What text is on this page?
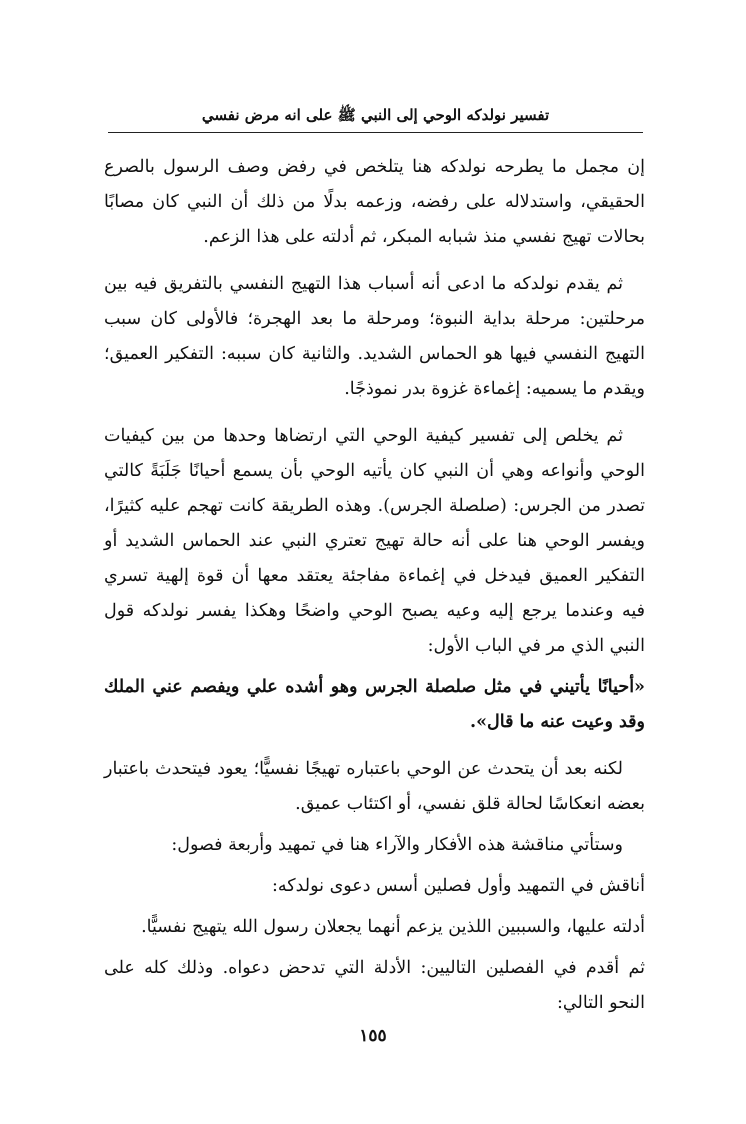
تفسير نولدكه الوحي إلى النبي ﷺ على انه مرض نفسي

إن مجمل ما يطرحه نولدكه هنا يتلخص في رفض وصف الرسول بالصرع الحقيقي، واستدلاله على رفضه، وزعمه بدلًا من ذلك أن النبي كان مصابًا بحالات تهيج نفسي منذ شبابه المبكر، ثم أدلته على هذا الزعم.

ثم يقدم نولدكه ما ادعى أنه أسباب هذا التهيج النفسي بالتفريق فيه بين مرحلتين: مرحلة بداية النبوة؛ ومرحلة ما بعد الهجرة؛ فالأولى كان سبب التهيج النفسي فيها هو الحماس الشديد. والثانية كان سببه: التفكير العميق؛ ويقدم ما يسميه: إغماءة غزوة بدر نموذجًا.

ثم يخلص إلى تفسير كيفية الوحي التي ارتضاها وحدها من بين كيفيات الوحي وأنواعه وهي أن النبي كان يأتيه الوحي بأن يسمع أحيانًا جَلَبَةً كالتي تصدر من الجرس: (صلصلة الجرس). وهذه الطريقة كانت تهجم عليه كثيرًا، ويفسر الوحي هنا على أنه حالة تهيج تعتري النبي عند الحماس الشديد أو التفكير العميق فيدخل في إغماءة مفاجئة يعتقد معها أن قوة إلهية تسري فيه وعندما يرجع إليه وعيه يصبح الوحي واضحًا وهكذا يفسر نولدكه قول النبي الذي مر في الباب الأول:

«أحيانًا يأتيني في مثل صلصلة الجرس وهو أشده علي ويفصم عني الملك وقد وعيت عنه ما قال».

لكنه بعد أن يتحدث عن الوحي باعتباره تهيجًا نفسيًّا؛ يعود فيتحدث باعتبار بعضه انعكاسًا لحالة قلق نفسي، أو اكتئاب عميق.

وستأتي مناقشة هذه الأفكار والآراء هنا في تمهيد وأربعة فصول:

أناقش في التمهيد وأول فصلين أسس دعوى نولدكه:

أدلته عليها، والسببين اللذين يزعم أنهما يجعلان رسول الله يتهيج نفسيًّا.

ثم أقدم في الفصلين التاليين: الأدلة التي تدحض دعواه. وذلك كله على النحو التالي:

١٥٥
